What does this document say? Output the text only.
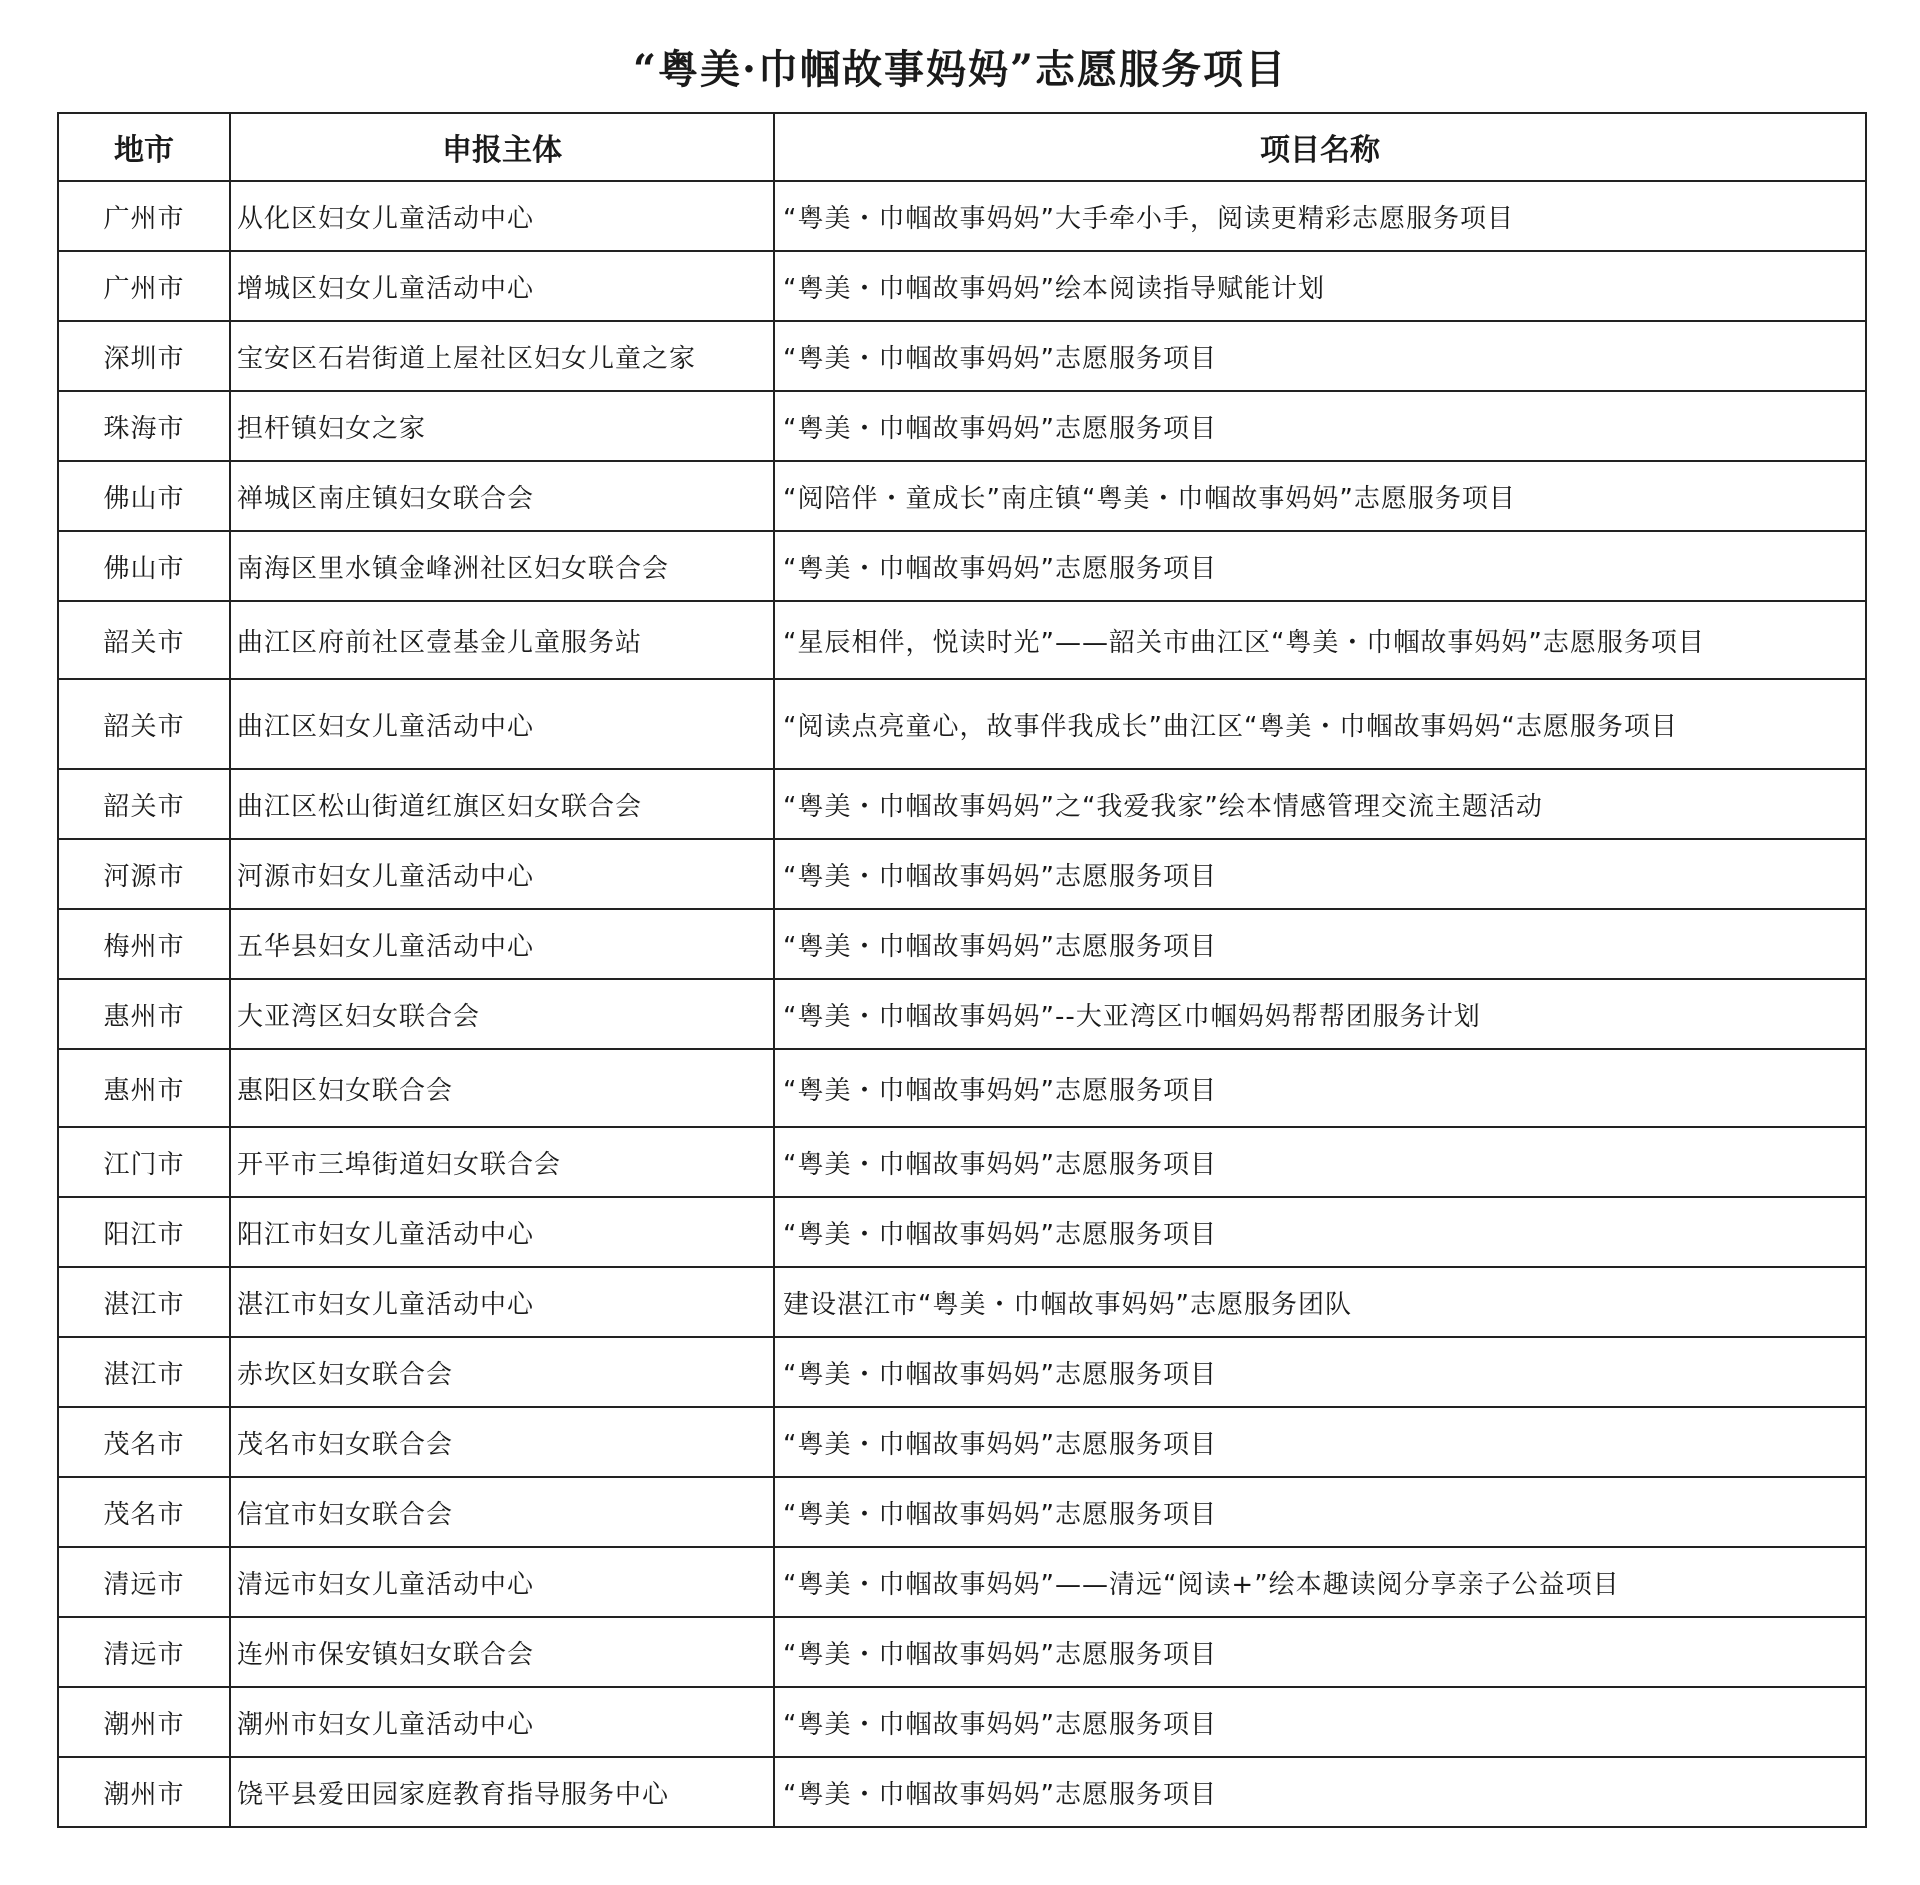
“粤美·巾帼故事妈妈”志愿服务项目
地市	申报主体	项目名称
广州市	从化区妇女儿童活动中心	“粤美・巾帼故事妈妈”大手牵小手，阅读更精彩志愿服务项目
广州市	增城区妇女儿童活动中心	“粤美・巾帼故事妈妈”绘本阅读指导赋能计划
深圳市	宝安区石岩街道上屋社区妇女儿童之家	“粤美・巾帼故事妈妈”志愿服务项目
珠海市	担杆镇妇女之家	“粤美・巾帼故事妈妈”志愿服务项目
佛山市	禅城区南庄镇妇女联合会	“阅陪伴・童成长”南庄镇“粤美・巾帼故事妈妈”志愿服务项目
佛山市	南海区里水镇金峰洲社区妇女联合会	“粤美・巾帼故事妈妈”志愿服务项目
韶关市	曲江区府前社区壹基金儿童服务站	“星辰相伴，悦读时光”——韶关市曲江区“粤美・巾帼故事妈妈”志愿服务项目
韶关市	曲江区妇女儿童活动中心	“阅读点亮童心，故事伴我成长”曲江区“粤美・巾帼故事妈妈“志愿服务项目
韶关市	曲江区松山街道红旗区妇女联合会	“粤美・巾帼故事妈妈”之“我爱我家”绘本情感管理交流主题活动
河源市	河源市妇女儿童活动中心	“粤美・巾帼故事妈妈”志愿服务项目
梅州市	五华县妇女儿童活动中心	“粤美・巾帼故事妈妈”志愿服务项目
惠州市	大亚湾区妇女联合会	“粤美・巾帼故事妈妈”--大亚湾区巾帼妈妈帮帮团服务计划
惠州市	惠阳区妇女联合会	“粤美・巾帼故事妈妈”志愿服务项目
江门市	开平市三埠街道妇女联合会	“粤美・巾帼故事妈妈”志愿服务项目
阳江市	阳江市妇女儿童活动中心	“粤美・巾帼故事妈妈”志愿服务项目
湛江市	湛江市妇女儿童活动中心	建设湛江市“粤美・巾帼故事妈妈”志愿服务团队
湛江市	赤坎区妇女联合会	“粤美・巾帼故事妈妈”志愿服务项目
茂名市	茂名市妇女联合会	“粤美・巾帼故事妈妈”志愿服务项目
茂名市	信宜市妇女联合会	“粤美・巾帼故事妈妈”志愿服务项目
清远市	清远市妇女儿童活动中心	“粤美・巾帼故事妈妈”——清远“阅读+”绘本趣读阅分享亲子公益项目
清远市	连州市保安镇妇女联合会	“粤美・巾帼故事妈妈”志愿服务项目
潮州市	潮州市妇女儿童活动中心	“粤美・巾帼故事妈妈”志愿服务项目
潮州市	饶平县爱田园家庭教育指导服务中心	“粤美・巾帼故事妈妈”志愿服务项目
